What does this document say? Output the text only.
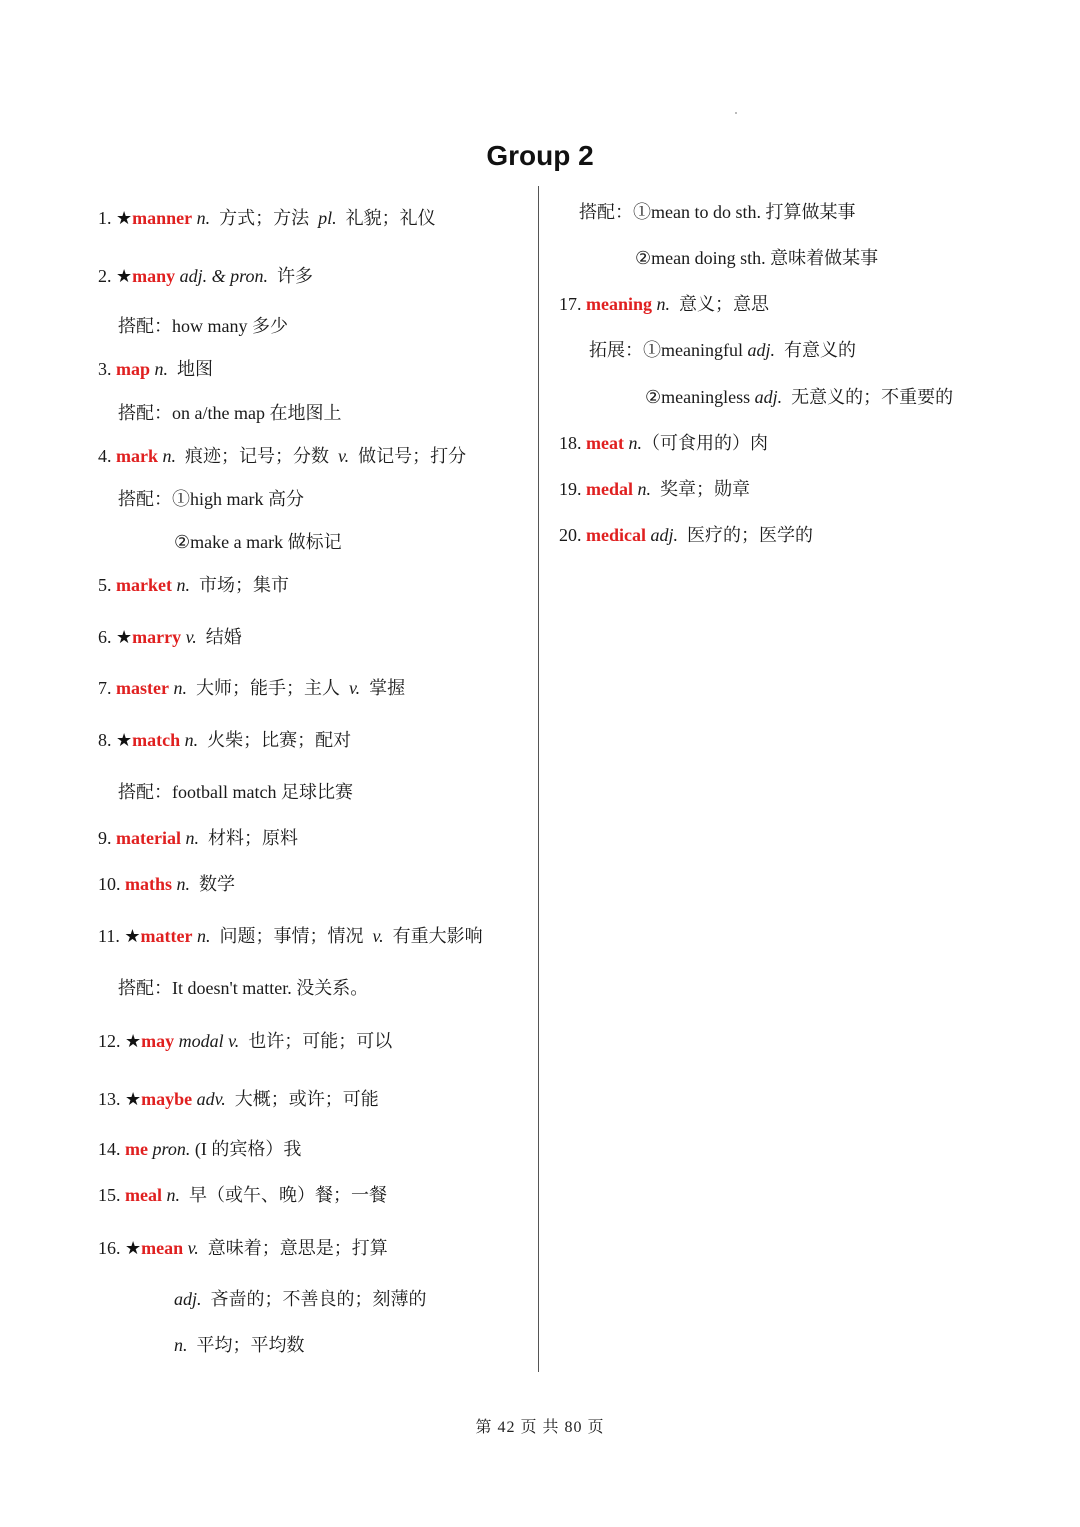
Group 2
1. ★manner n. 方式；方法 pl. 礼貌；礼仪
2. ★many adj. & pron. 许多
搭配：how many 多少
3. map n. 地图
搭配：on a/the map 在地图上
4. mark n. 痕迹；记号；分数 v. 做记号；打分
搭配：①high mark 高分
②make a mark 做标记
5. market n. 市场；集市
6. ★marry v. 结婚
7. master n. 大师；能手；主人 v. 掌握
8. ★match n. 火柴；比赛；配对
搭配：football match 足球比赛
9. material n. 材料；原料
10. maths n. 数学
11. ★matter n. 问题；事情；情况 v. 有重大影响
搭配：It doesn't matter. 没关系。
12. ★may modal v. 也许；可能；可以
13. ★maybe adv. 大概；或许；可能
14. me pron. (I 的宾格）我
15. meal n. 早（或午、晚）餐；一餐
16. ★mean v. 意味着；意思是；打算
adj. 吝啬的；不善良的；刻薄的
n. 平均；平均数
搭配：①mean to do sth. 打算做某事
②mean doing sth. 意味着做某事
17. meaning n. 意义；意思
拓展：①meaningful adj. 有意义的
②meaningless adj. 无意义的；不重要的
18. meat n.（可食用的）肉
19. medal n. 奖章；勋章
20. medical adj. 医疗的；医学的
第 42 页 共 80 页
